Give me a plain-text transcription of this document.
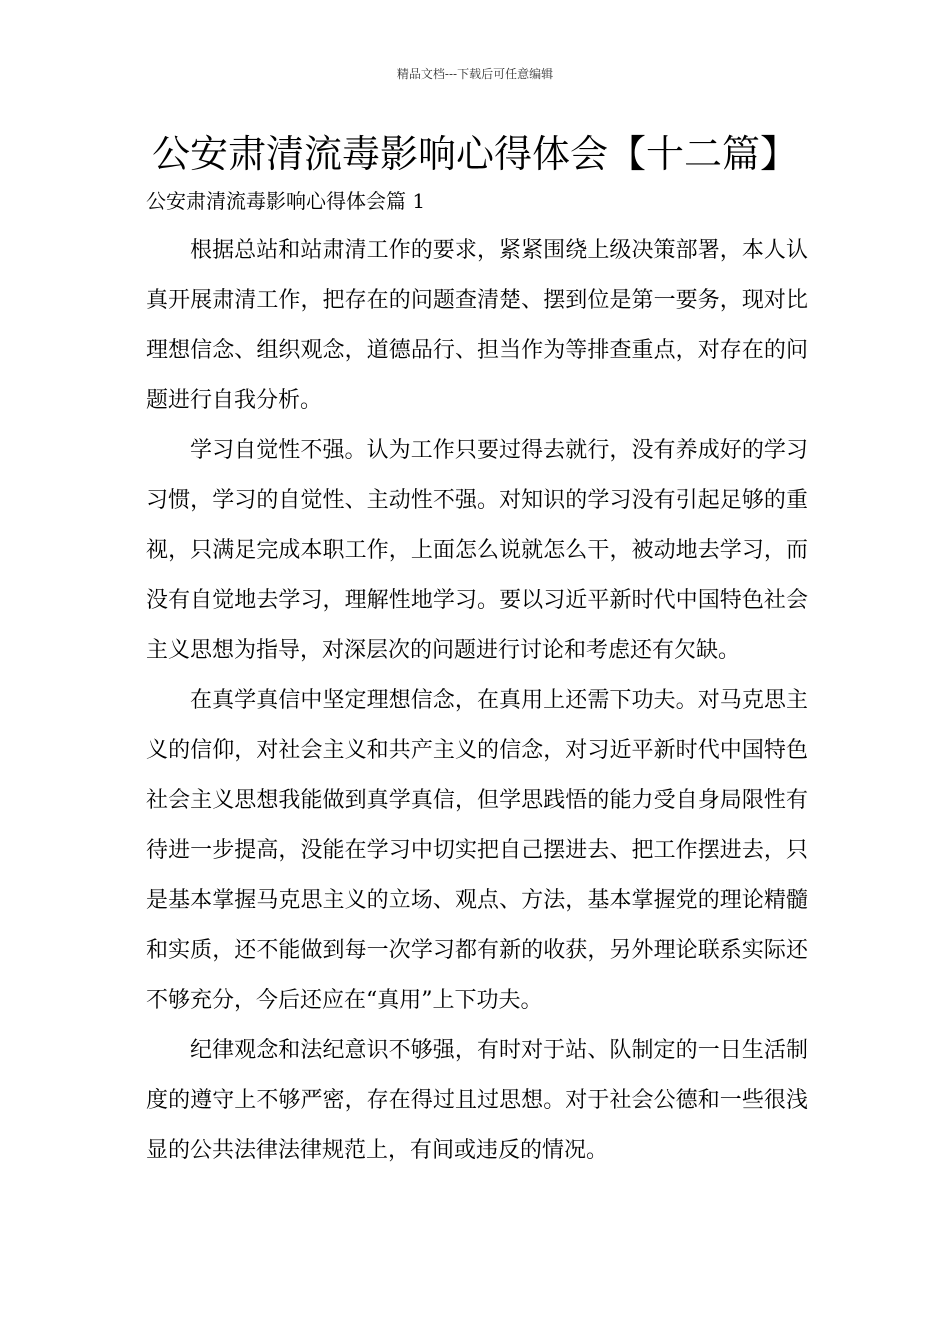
精品文档---下载后可任意编辑
公安肃清流毒影响心得体会【十二篇】
公安肃清流毒影响心得体会篇 1

根据总站和站肃清工作的要求，紧紧围绕上级决策部署，本人认真开展肃清工作，把存在的问题查清楚、摆到位是第一要务，现对比理想信念、组织观念，道德品行、担当作为等排查重点，对存在的问题进行自我分析。

学习自觉性不强。认为工作只要过得去就行，没有养成好的学习习惯，学习的自觉性、主动性不强。对知识的学习没有引起足够的重视，只满足完成本职工作，上面怎么说就怎么干，被动地去学习，而没有自觉地去学习，理解性地学习。要以习近平新时代中国特色社会主义思想为指导，对深层次的问题进行讨论和考虑还有欠缺。

在真学真信中坚定理想信念，在真用上还需下功夫。对马克思主义的信仰，对社会主义和共产主义的信念，对习近平新时代中国特色社会主义思想我能做到真学真信，但学思践悟的能力受自身局限性有待进一步提高，没能在学习中切实把自己摆进去、把工作摆进去，只是基本掌握马克思主义的立场、观点、方法，基本掌握党的理论精髓和实质，还不能做到每一次学习都有新的收获，另外理论联系实际还不够充分，今后还应在“真用”上下功夫。

纪律观念和法纪意识不够强，有时对于站、队制定的一日生活制度的遵守上不够严密，存在得过且过思想。对于社会公德和一些很浅显的公共法律法律规范上，有间或违反的情况。
